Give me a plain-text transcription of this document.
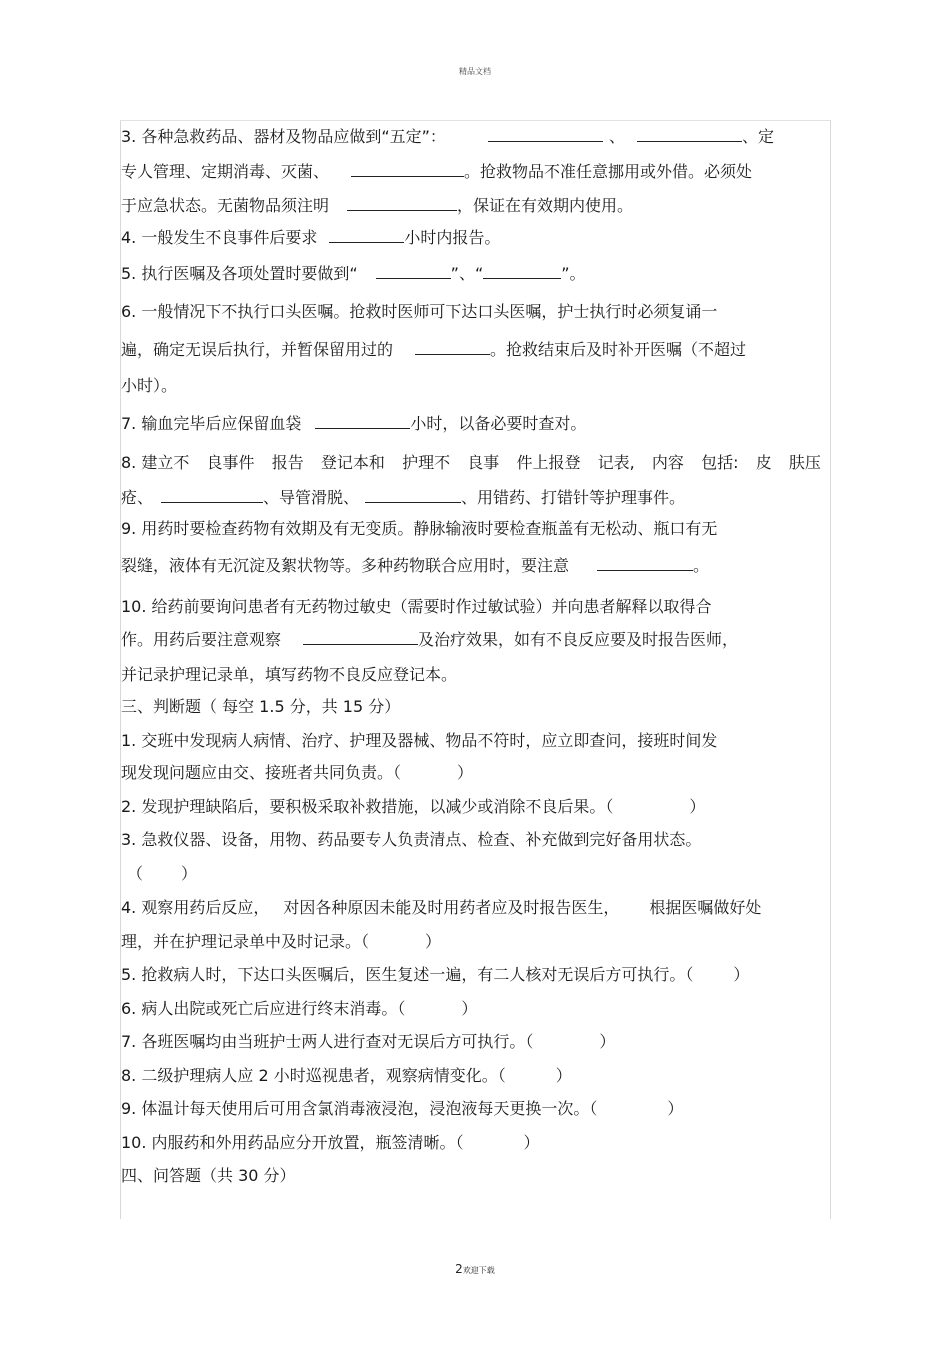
精品文档
3. 各种急救药品、器材及物品应做到“五定”：	、	、定
专人管理、定期消毒、灭菌、	。抢救物品不准任意挪用或外借。必须处
于应急状态。无菌物品须注明	，保证在有效期内使用。
4. 一般发生不良事件后要求	小时内报告。
5. 执行医嘱及各项处置时要做到“	”、“	”。
6. 一般情况下不执行口头医嘱。抢救时医师可下达口头医嘱，护士执行时必须复诵一
遍，确定无误后执行，并暂保留用过的	。抢救结束后及时补开医嘱（不超过
小时）。
7. 输血完毕后应保留血袋	小时，以备必要时查对。
8. 建立不 良事件 报告 登记本和 护理不 良事 件上报登 记表, 内容 包括: 皮 肤压
疮、	、导管滑脱、	、用错药、打错针等护理事件。
9. 用药时要检查药物有效期及有无变质。静脉输液时要检查瓶盖有无松动、瓶口有无
裂缝，液体有无沉淀及絮状物等。多种药物联合应用时，要注意	。
10. 给药前要询问患者有无药物过敏史（需要时作过敏试验）并向患者解释以取得合
作。用药后要注意观察	及治疗效果，如有不良反应要及时报告医师，
并记录护理记录单，填写药物不良反应登记本。
三、判断题（ 每空 1.5 分，共 15 分）
1. 交班中发现病人病情、治疗、护理及器械、物品不符时，应立即查问，接班时间发
现发现问题应由交、接班者共同负责。（	）
2. 发现护理缺陷后，要积极采取补救措施，以减少或消除不良后果。（	）
3. 急救仪器、设备，用物、药品要专人负责清点、检查、补充做到完好备用状态。
（ ）
4. 观察用药后反应， 对因各种原因未能及时用药者应及时报告医生， 根据医嘱做好处
理，并在护理记录单中及时记录。（	）
5. 抢救病人时，下达口头医嘱后，医生复述一遍，有二人核对无误后方可执行。（	）
6. 病人出院或死亡后应进行终末消毒。（	）
7. 各班医嘱均由当班护士两人进行查对无误后方可执行。（	）
8. 二级护理病人应 2 小时巡视患者，观察病情变化。（	）
9. 体温计每天使用后可用含氯消毒液浸泡，浸泡液每天更换一次。（	）
10. 内服药和外用药品应分开放置，瓶签清晰。（	）
四、问答题（共 30 分）
2欢迎下载
